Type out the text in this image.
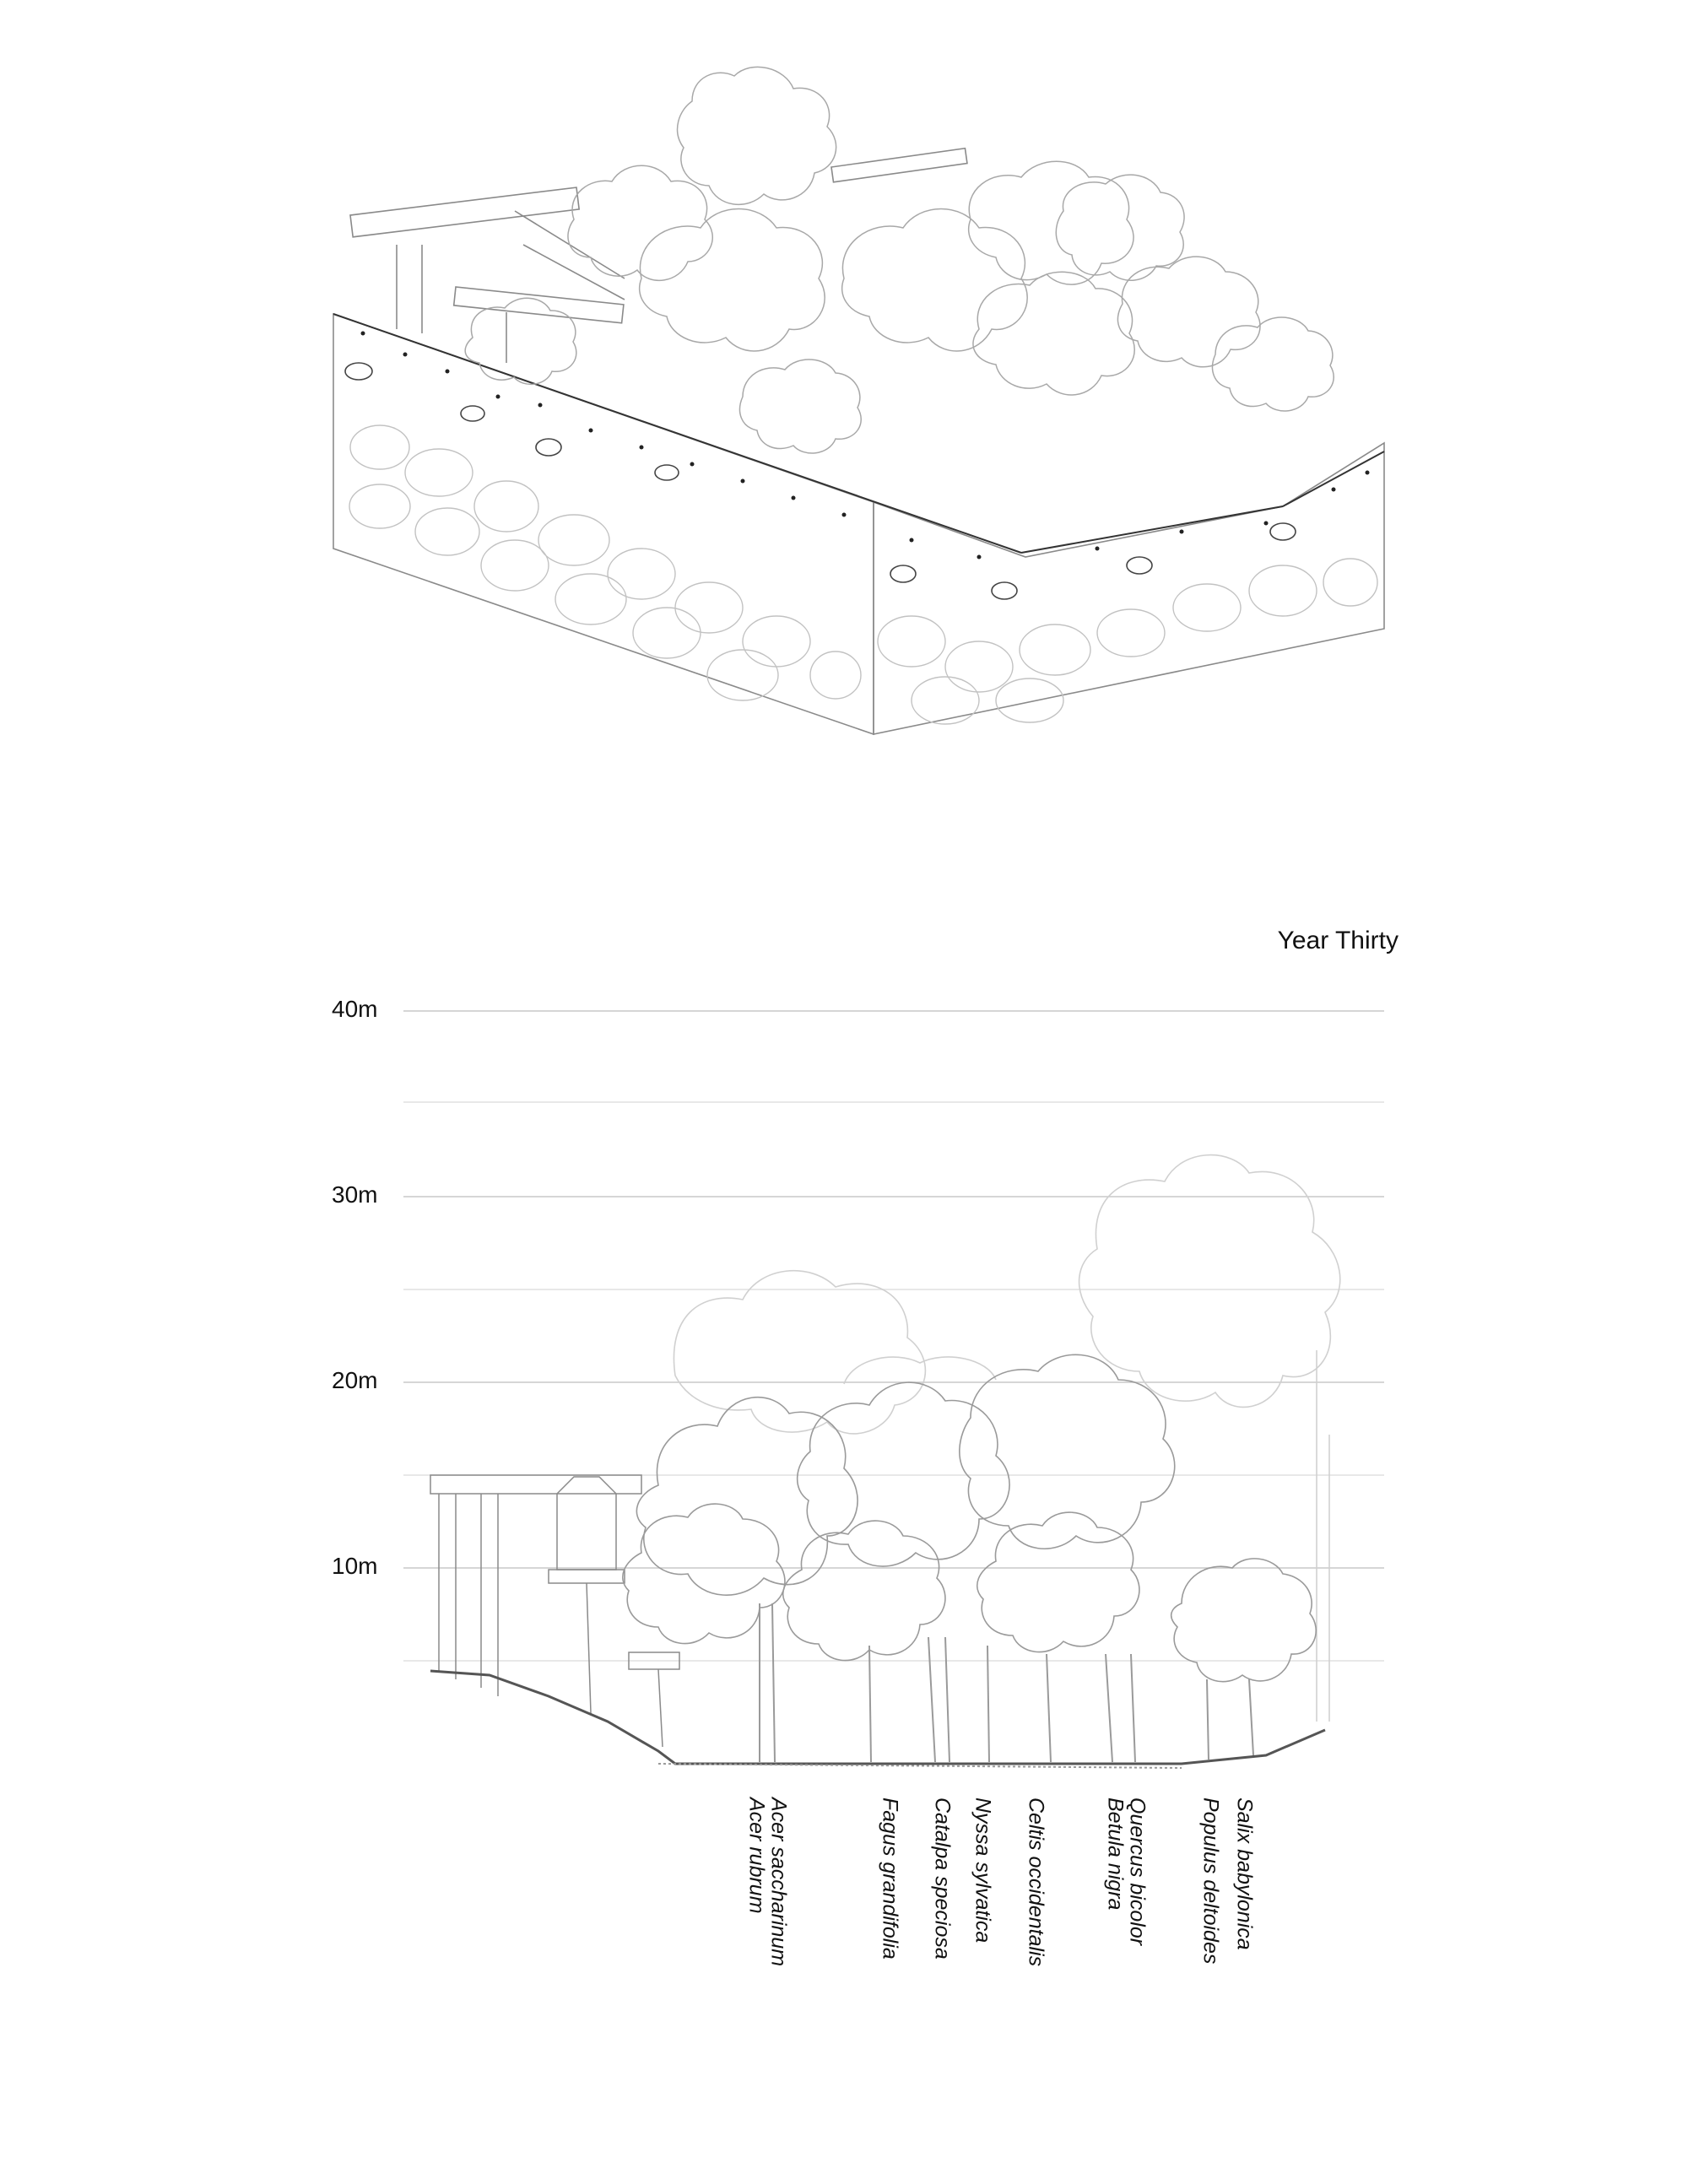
Year Thirty
40m
30m
20m
10m
Acer saccharinum
Acer rubrum	Fagus grandifolia Catalpa speciosa Nyssa sylvatica Celtis occidentalis	Quercus bicolor
Betula nigra	Populus deltoides Salix babylonica
